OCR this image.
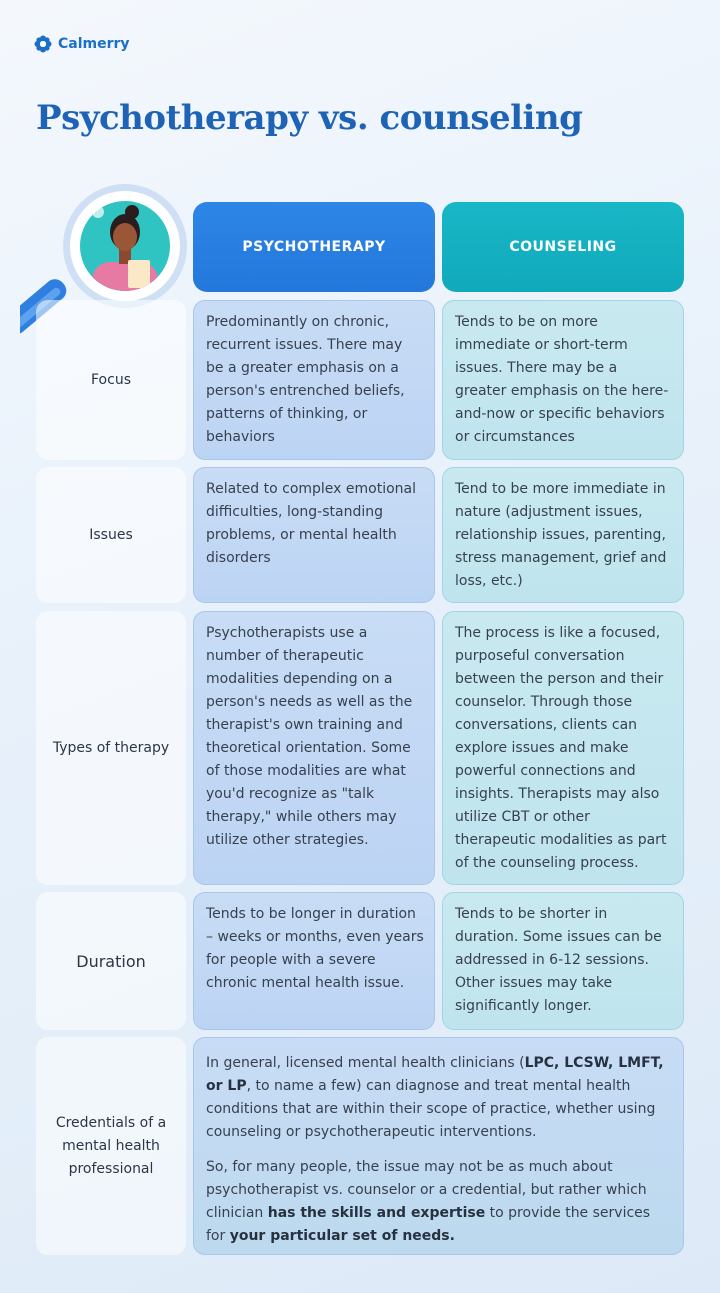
Calmerry
Psychotherapy vs. counseling
PSYCHOTHERAPY	COUNSELING
Focus
Predominantly on chronic, recurrent issues. There may be a greater emphasis on a person's entrenched beliefs, patterns of thinking, or behaviors
Tends to be on more immediate or short-term issues. There may be a greater emphasis on the here-and-now or specific behaviors or circumstances
Issues
Related to complex emotional difficulties, long-standing problems, or mental health disorders
Tend to be more immediate in nature (adjustment issues, relationship issues, parenting, stress management, grief and loss, etc.)
Types of therapy
Psychotherapists use a number of therapeutic modalities depending on a person's needs as well as the therapist's own training and theoretical orientation. Some of those modalities are what you'd recognize as "talk therapy," while others may utilize other strategies.
The process is like a focused, purposeful conversation between the person and their counselor. Through those conversations, clients can explore issues and make powerful connections and insights. Therapists may also utilize CBT or other therapeutic modalities as part of the counseling process.
Duration
Tends to be longer in duration – weeks or months, even years for people with a severe chronic mental health issue.
Tends to be shorter in duration. Some issues can be addressed in 6-12 sessions. Other issues may take significantly longer.
Credentials of a mental health professional

In general, licensed mental health clinicians (LPC, LCSW, LMFT, or LP, to name a few) can diagnose and treat mental health conditions that are within their scope of practice, whether using counseling or psychotherapeutic interventions.

So, for many people, the issue may not be as much about psychotherapist vs. counselor or a credential, but rather which clinician has the skills and expertise to provide the services for your particular set of needs.
